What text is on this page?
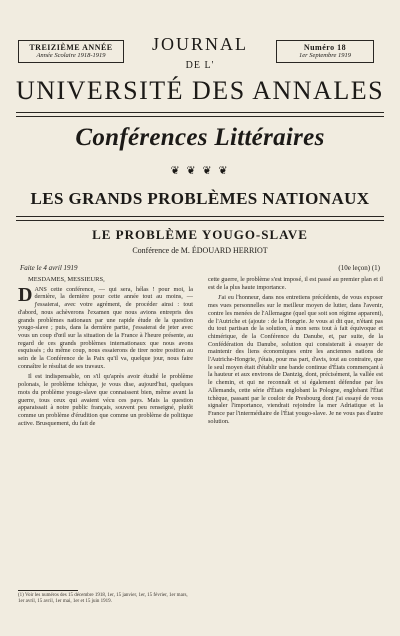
TREIZIÈME ANNÉE
Année Scolaire 1918-1919
JOURNAL
DE L'
UNIVERSITÉ DES ANNALES
Numéro 18
1er Septembre 1919
Conférences Littéraires
❦ ❦ ❦ ❦
LES GRANDS PROBLÈMES NATIONAUX
LE PROBLÈME YOUGO-SLAVE
Conférence de M. ÉDOUARD HERRIOT
Faite le 4 avril 1919	(10e leçon) (1)

MESDAMES, MESSIEURS,

DANS cette conférence, — qui sera, hélas ! pour moi, la dernière, la dernière pour cette année tout au moins, — j'essaierai, avec votre agrément, de procéder ainsi : tout d'abord, nous achèverons l'examen que nous avions entrepris des grands problèmes nationaux par une rapide étude de la question yougo-slave ; puis, dans la dernière partie, j'essaierai de jeter avec vous un coup d'œil sur la situation de la France à l'heure présente, au regard de ces grands problèmes internationaux que nous avons esquissés ; du même coup, nous essaierons de tirer notre position au sein de la Conférence de la Paix qu'il va, quelque jour, nous faire connaître le résultat de ses travaux.

Il est indispensable, on s'il qu'après avoir étudié le problème polonais, le problème tchèque, je vous dise, aujourd'hui, quelques mots du problème yougo-slave que connaissent bien, même avant la guerre, tous ceux qui avaient vécu ces pays. Mais la question apparaissait à notre public français, souvent peu renseigné, plutôt comme un problème d'érudition que comme un problème de politique active. Brusquement, du fait de

cette guerre, le problème s'est imposé, il est passé au premier plan et il est de la plus haute importance.

J'ai eu l'honneur, dans nos entretiens précédents, de vous exposer mes vues personnelles sur le meilleur moyen de lutter, dans l'avenir, contre les menées de l'Allemagne (quel que soit son régime apparent), de l'Autriche et (ajoute : de la Hongrie. Je vous ai dit que, n'étant pas du tout partisan de la solution, à mon sens tout à fait équivoque et chimérique, de la Conférence du Danube, et, par suite, de la Confédération du Danube, solution qui consisterait à essayer de maintenir des liens économiques entre les anciennes nations de l'Autriche-Hongrie, j'étais, pour ma part, d'avis, tout au contraire, que le seul moyen était d'établir une bande continue d'États commençant à la hauteur et aux environs de Dantzig, dont, précisément, la vallée est le chemin, et qui ne reconnaît et si également défendue par les Allemands, cette série d'États englobant la Pologne, englobant l'État tchèque, passant par le couloir de Presbourg dont j'ai essayé de vous signaler l'importance, viendrait rejoindre la mer Adriatique et la France par l'intermédiaire de l'État yougo-slave. Je ne vous pas d'autre solution.

(1) Voir les numéros des 15 décembre 1918, 1er, 15 janvier, 1er, 15 février, 1er mars, 1er avril, 15 avril, 1er mai, 1er et 15 juin 1919.
